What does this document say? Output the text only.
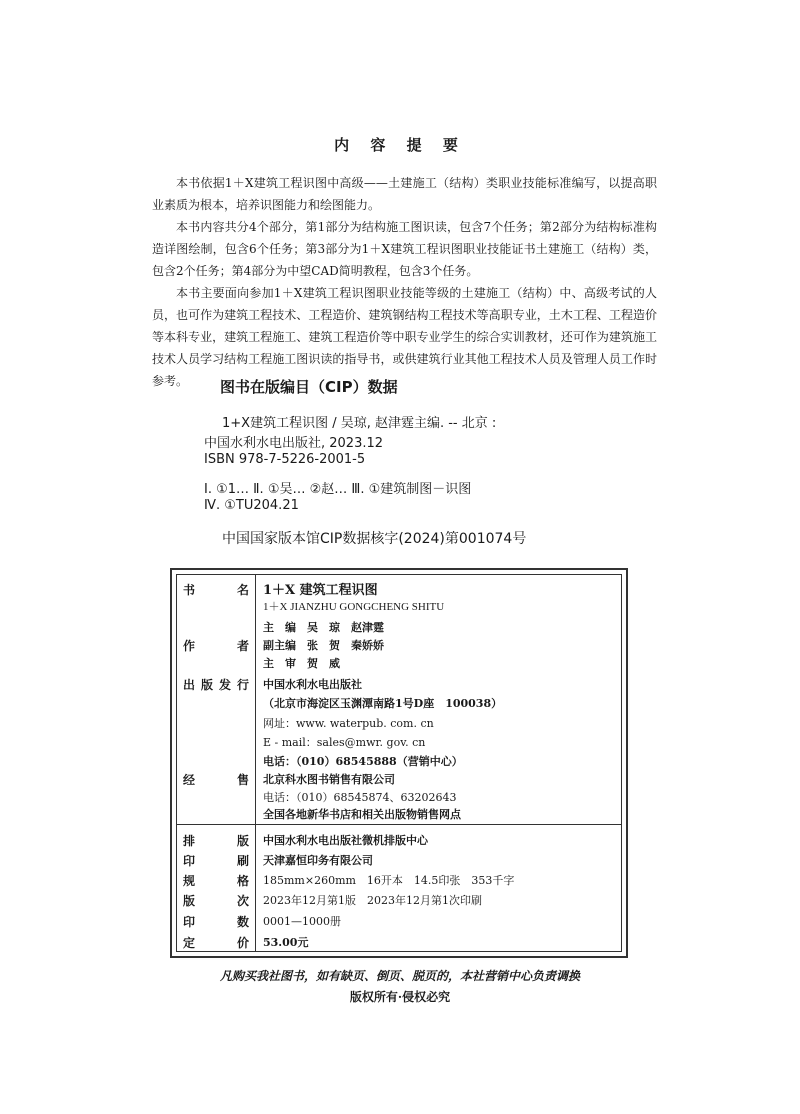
内 容 提 要

本书依据1＋X建筑工程识图中高级——土建施工（结构）类职业技能标准编写，以提高职业素质为根本，培养识图能力和绘图能力。

本书内容共分4个部分，第1部分为结构施工图识读，包含7个任务；第2部分为结构标准构造详图绘制，包含6个任务；第3部分为1＋X建筑工程识图职业技能证书土建施工（结构）类，包含2个任务；第4部分为中望CAD简明教程，包含3个任务。

本书主要面向参加1＋X建筑工程识图职业技能等级的土建施工（结构）中、高级考试的人员，也可作为建筑工程技术、工程造价、建筑钢结构工程技术等高职专业，土木工程、工程造价等本科专业，建筑工程施工、建筑工程造价等中职专业学生的综合实训教材，还可作为建筑施工技术人员学习结构工程施工图识读的指导书，或供建筑行业其他工程技术人员及管理人员工作时参考。	图书在版编目（CIP）数据
1+X建筑工程识图 / 吴琼, 赵津霆主编. -- 北京 :
中国水利水电出版社, 2023.12
ISBN 978-7-5226-2001-5
Ⅰ. ①1… Ⅱ. ①吴… ②赵… Ⅲ. ①建筑制图－识图
Ⅳ. ①TU204.21
中国国家版本馆CIP数据核字(2024)第001074号
书	名 1＋X 建筑工程识图
1＋X JIANZHU GONGCHENG SHITU
主　编　吴　琼　赵津霆
作	者 副主编　张　贺　秦娇娇
主　审　贺　威
出 版 发 行 中国水利水电出版社
（北京市海淀区玉渊潭南路1号D座　100038）
网址：www. waterpub. com. cn
E - mail：sales@mwr. gov. cn
电话：（010）68545888（营销中心）
经	售 北京科水图书销售有限公司
电话：（010）68545874、63202643
全国各地新华书店和相关出版物销售网点
排	版 中国水利水电出版社微机排版中心
印	刷 天津嘉恒印务有限公司
规	格 185mm×260mm　16开本　14.5印张　353千字
版	次 2023年12月第1版　2023年12月第1次印刷
印	数 0001—1000册
定	价 53.00元
凡购买我社图书，如有缺页、倒页、脱页的，本社营销中心负责调换
版权所有·侵权必究
